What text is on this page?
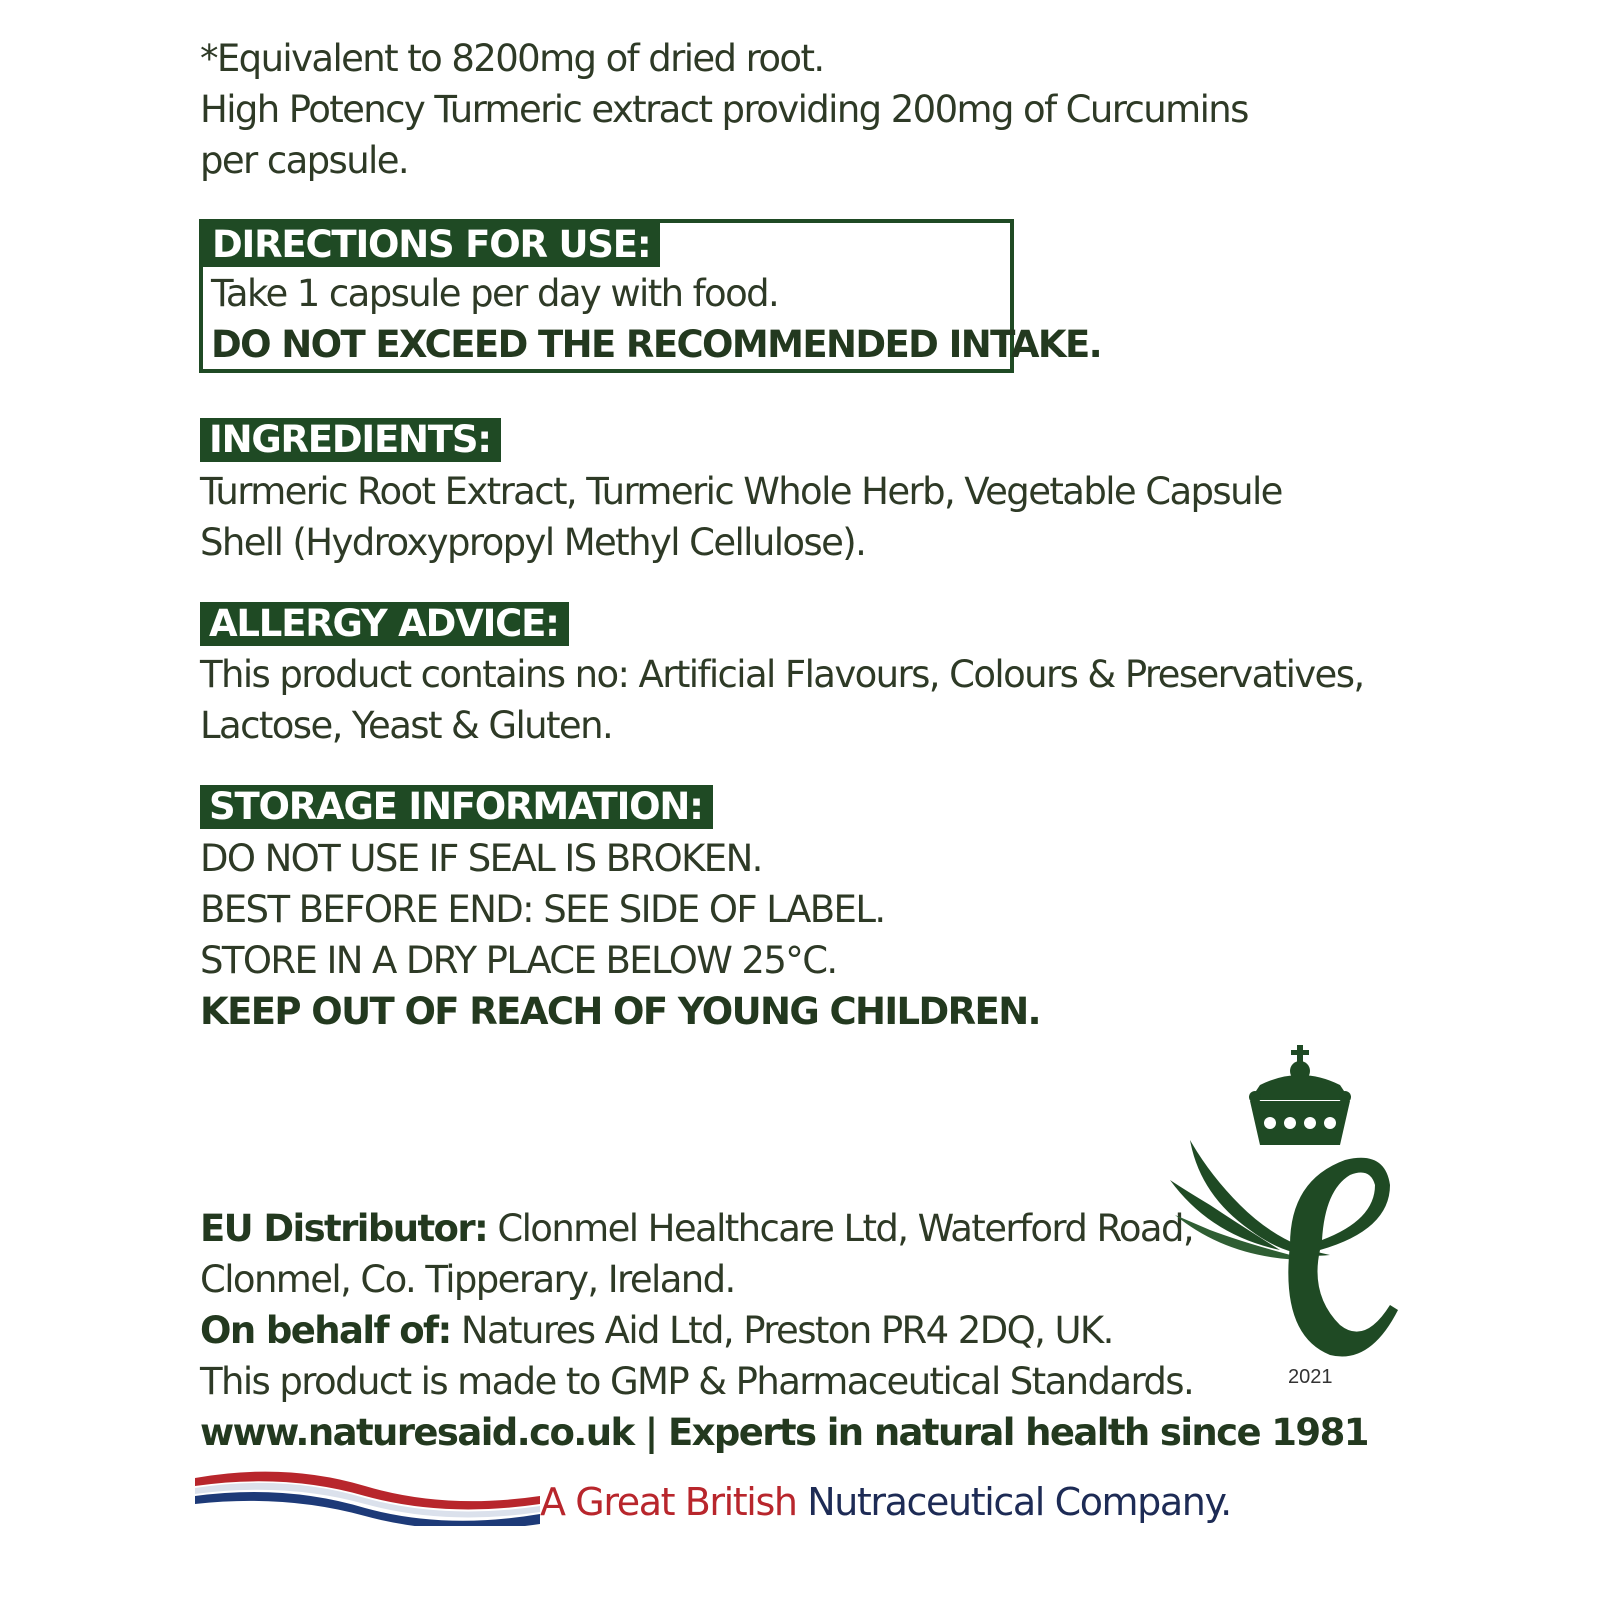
*Equivalent to 8200mg of dried root.
High Potency Turmeric extract providing 200mg of Curcumins
per capsule.
DIRECTIONS FOR USE:
Take 1 capsule per day with food.
DO NOT EXCEED THE RECOMMENDED INTAKE.
INGREDIENTS:
Turmeric Root Extract, Turmeric Whole Herb, Vegetable Capsule
Shell (Hydroxypropyl Methyl Cellulose).
ALLERGY ADVICE:
This product contains no: Artificial Flavours, Colours & Preservatives,
Lactose, Yeast & Gluten.
STORAGE INFORMATION:
DO NOT USE IF SEAL IS BROKEN.
BEST BEFORE END: SEE SIDE OF LABEL.
STORE IN A DRY PLACE BELOW 25°C.
KEEP OUT OF REACH OF YOUNG CHILDREN.
EU Distributor: Clonmel Healthcare Ltd, Waterford Road,
Clonmel, Co. Tipperary, Ireland.
On behalf of: Natures Aid Ltd, Preston PR4 2DQ, UK.
This product is made to GMP & Pharmaceutical Standards.
www.naturesaid.co.uk | Experts in natural health since 1981
2021
A Great British Nutraceutical Company.
